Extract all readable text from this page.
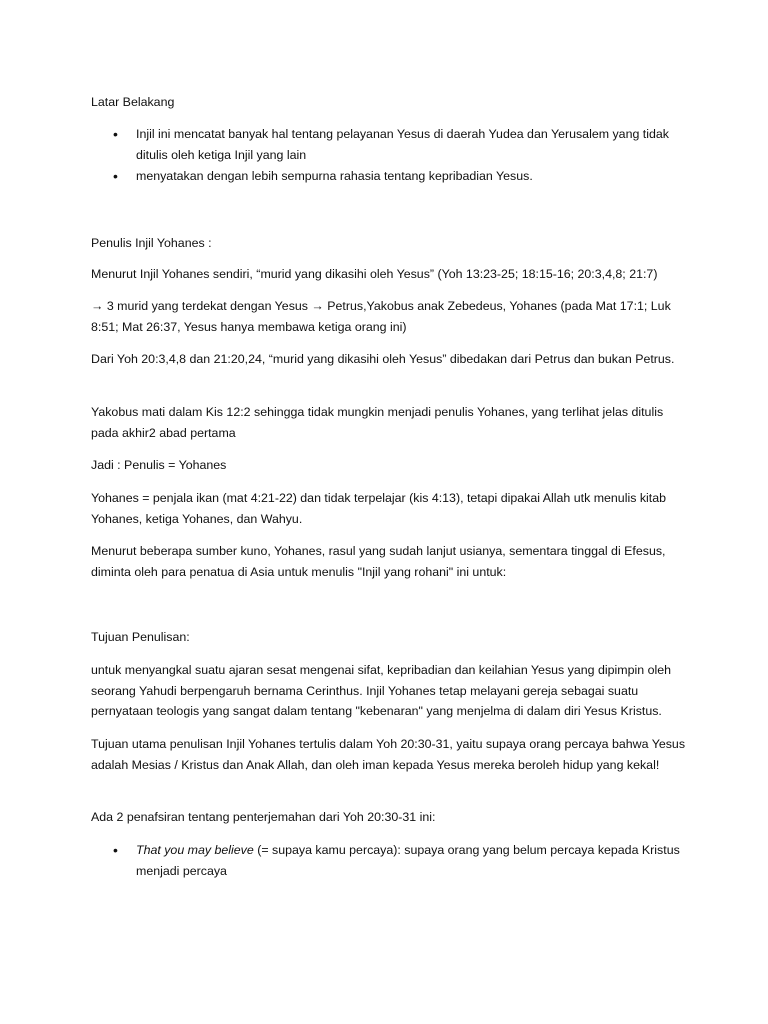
Latar Belakang

• Injil ini mencatat banyak hal tentang pelayanan Yesus di daerah Yudea dan Yerusalem yang tidak ditulis oleh ketiga Injil yang lain
• menyatakan dengan lebih sempurna rahasia tentang kepribadian Yesus.

Penulis Injil Yohanes :

Menurut Injil Yohanes sendiri, “murid yang dikasihi oleh Yesus” (Yoh 13:23-25; 18:15-16; 20:3,4,8; 21:7)

→ 3 murid yang terdekat dengan Yesus → Petrus,Yakobus anak Zebedeus, Yohanes (pada Mat 17:1; Luk 8:51; Mat 26:37, Yesus hanya membawa ketiga orang ini)

Dari Yoh 20:3,4,8 dan 21:20,24, “murid yang dikasihi oleh Yesus” dibedakan dari Petrus dan bukan Petrus.

Yakobus mati dalam Kis 12:2 sehingga tidak mungkin menjadi penulis Yohanes, yang terlihat jelas ditulis pada akhir2 abad pertama

Jadi : Penulis = Yohanes

Yohanes = penjala ikan (mat 4:21-22) dan tidak terpelajar (kis 4:13), tetapi dipakai Allah utk menulis kitab Yohanes, ketiga Yohanes, dan Wahyu.

Menurut beberapa sumber kuno, Yohanes, rasul yang sudah lanjut usianya, sementara tinggal di Efesus, diminta oleh para penatua di Asia untuk menulis "Injil yang rohani" ini untuk:

Tujuan Penulisan:

untuk menyangkal suatu ajaran sesat mengenai sifat, kepribadian dan keilahian Yesus yang dipimpin oleh seorang Yahudi berpengaruh bernama Cerinthus. Injil Yohanes tetap melayani gereja sebagai suatu pernyataan teologis yang sangat dalam tentang "kebenaran" yang menjelma di dalam diri Yesus Kristus.

Tujuan utama penulisan Injil Yohanes tertulis dalam Yoh 20:30-31, yaitu supaya orang percaya bahwa Yesus adalah Mesias / Kristus dan Anak Allah, dan oleh iman kepada Yesus mereka beroleh hidup yang kekal!

Ada 2 penafsiran tentang penterjemahan dari Yoh 20:30-31 ini:

• That you may believe (= supaya kamu percaya): supaya orang yang belum percaya kepada Kristus menjadi percaya
